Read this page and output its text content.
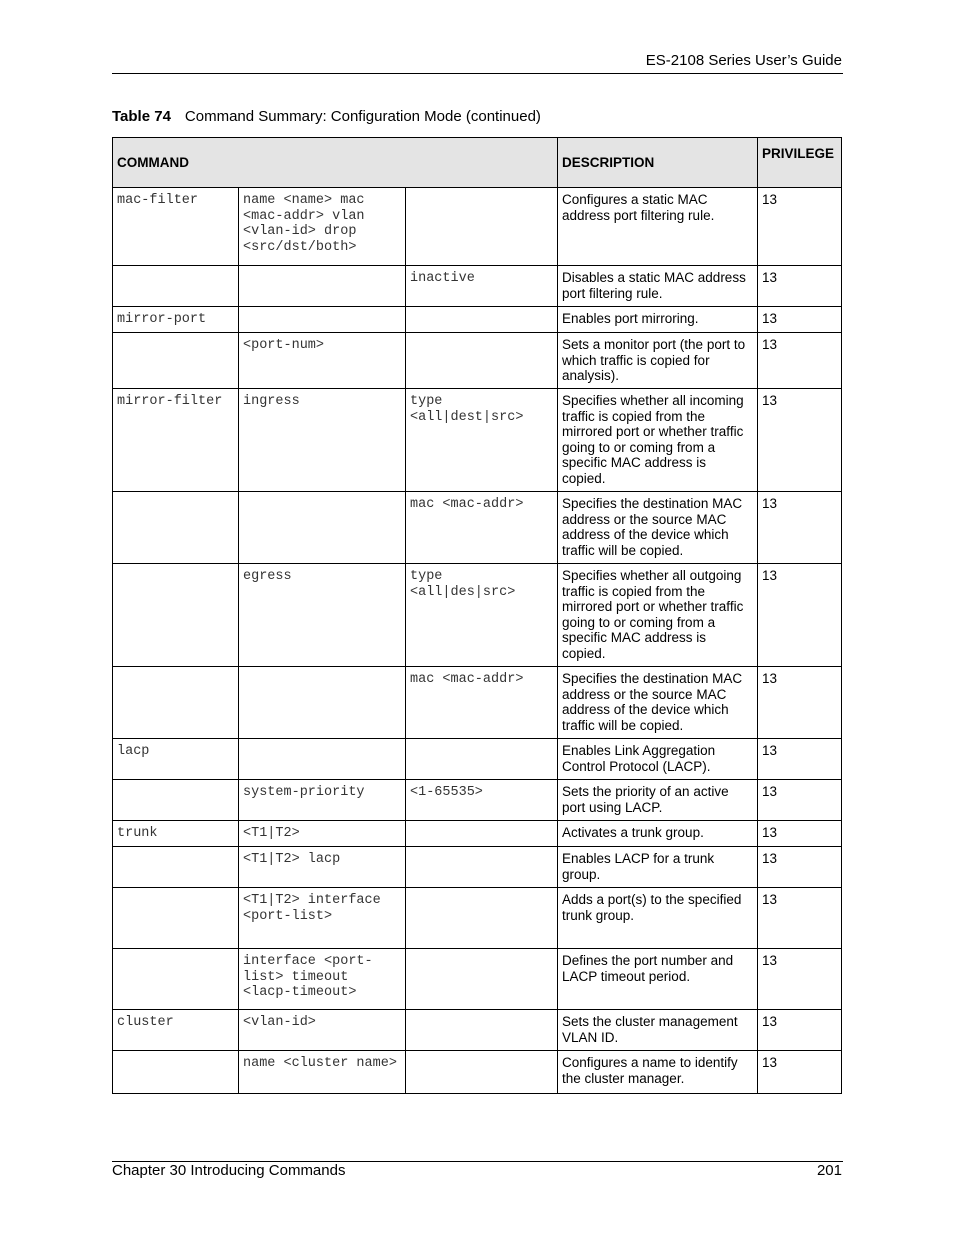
ES-2108 Series User’s Guide
Table 74 Command Summary: Configuration Mode (continued)
COMMAND			DESCRIPTION	PRIVILEGE
mac-filter	name <name> mac <mac-addr> vlan <vlan-id> drop <src/dst/both>		Configures a static MAC address port filtering rule.	13
		inactive	Disables a static MAC address port filtering rule.	13
mirror-port			Enables port mirroring.	13
	<port-num>		Sets a monitor port (the port to which traffic is copied for analysis).	13
mirror-filter	ingress	type <all|dest|src>	Specifies whether all incoming traffic is copied from the mirrored port or whether traffic going to or coming from a specific MAC address is copied.	13
		mac <mac-addr>	Specifies the destination MAC address or the source MAC address of the device which traffic will be copied.	13
	egress	type <all|des|src>	Specifies whether all outgoing traffic is copied from the mirrored port or whether traffic going to or coming from a specific MAC address is copied.	13
		mac <mac-addr>	Specifies the destination MAC address or the source MAC address of the device which traffic will be copied.	13
lacp			Enables Link Aggregation Control Protocol (LACP).	13
	system-priority	<1-65535>	Sets the priority of an active port using LACP.	13
trunk	<T1|T2>		Activates a trunk group.	13
	<T1|T2> lacp		Enables LACP for a trunk group.	13
	<T1|T2> interface <port-list>		Adds a port(s) to the specified trunk group.	13
	interface <port-list> timeout <lacp-timeout>		Defines the port number and LACP timeout period.	13
cluster	<vlan-id>		Sets the cluster management VLAN ID.	13
	name <cluster name>		Configures a name to identify the cluster manager.	13
Chapter 30 Introducing Commands	201
